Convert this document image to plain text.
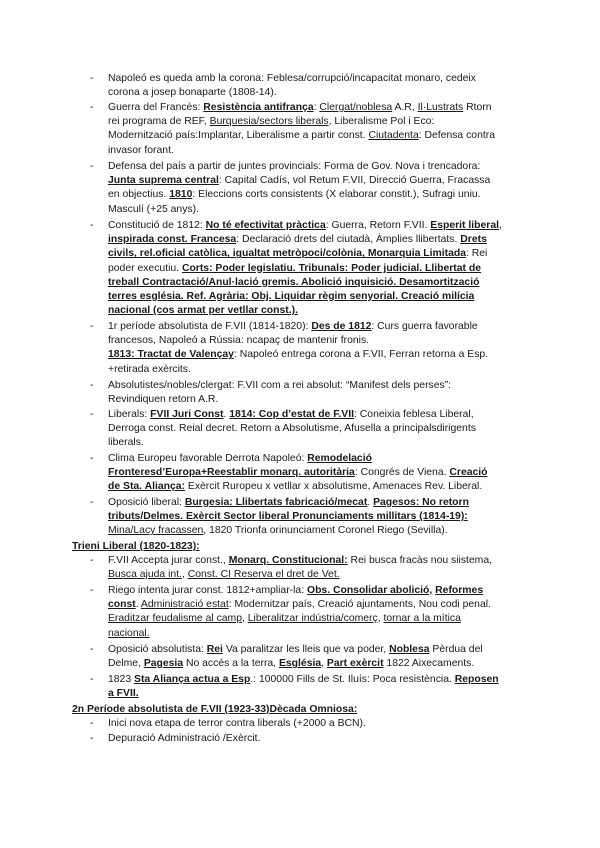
-	Napoleó es queda amb la corona: Feblesa/corrupció/incapacitat monaro, cedeix
corona a josep bonaparte (1808-14).
-	Guerra del Francès: Resistència antifrança: Clergat/noblesa A.R, Il·Lustrats Rtorn
rei programa de REF, Burquesia/sectors liberals, Liberalisme Pol i Eco:
Modernització país:Implantar, Liberalisme a partir const. Ciutadenta: Defensa contra
invasor forant.
-	Defensa del país a partir de juntes provincials: Forma de Gov. Nova i trencadora:
Junta suprema central: Capital Cadís, vol Retum F.VII, Direcció Guerra, Fracassa
en objectius. 1810: Eleccions corts consistents (X elaborar constit.), Sufragi uniu.
Masculí (+25 anys).
-	Constitució de 1812: No té efectivitat pràctica: Guerra, Retorn F.VII. Esperit liberal,
inspirada const. Francesa: Declaració drets del ciutadà, Àmplies llibertats. Drets
civils, rel.oficial catòlica, igualtat metròpoci/colònia, Monarquia Limitada: Rei
poder executiu. Corts: Poder legislatiu. Tribunals: Poder judicial. Llibertat de
treball Contractació/Anul·lació gremis. Abolició inquisició. Desamortització
terres església. Ref. Agrària: Obj. Liquidar règim senyorial. Creació milícia
nacional (cos armat per vetllar const.).
-	1r període absolutista de F.VII (1814-1820): Des de 1812: Curs guerra favorable
francesos, Napoleó a Rússia: ncapaç de mantenir fronis.
1813: Tractat de Valençay: Napoleó entrega corona a F.VII, Ferran retorna a Esp.
+retirada exèrcits.
-	Absolutistes/nobles/clergat: F.VII com a rei absolut: “Manifest dels perses”:
Revindiquen retorn A.R.
-	Liberals: FVII Juri Const. 1814: Cop d’estat de F.VII: Coneixia feblesa Liberal,
Derroga const. Reial decret. Retorn a Absolutisme, Afusella a principalsdirigents
liberals.
-	Clima Europeu favorable Derrota Napoleó: Remodelació
Fronteresd’Europa+Reestablir monarq. autoritària: Congrés de Viena. Creació
de Sta. Aliança: Exèrcit Ruropeu x vetllar x absolutisme, Amenaces Rev. Liberal.
-	Oposició liberal: Burgesia: Llibertats fabricació/mecat. Pagesos: No retorn
tributs/Delmes. Exèrcit Sector liberal Pronunciaments millitars (1814-19):
Mina/Lacy fracassen, 1820 Trionfa orinunciament Coronel Riego (Sevilla).
-	F.VII Accepta jurar const., Monarq. Constitucional: Rei busca fracàs nou siistema,
Busca ajuda int., Const. CI Reserva el dret de Vet.
-	Riego intenta jurar const. 1812+ampliar-la: Obs. Consolidar abolició, Reformes
const. Administració estat: Modernitzar país, Creació ajuntaments, Nou codi penal.
Eraditzar feudalisme al camp, Liberalitzar indústria/comerç, tornar a la mítica
nacional.
-	Oposició absolutista: Rei Va paralitzar les lleis que va poder, Noblesa Pèrdua del
Delme, Pagesia No accés a la terra, Església, Part exèrcit 1822 Aixecaments.
-	1823 Sta Aliança actua a Esp.: 100000 Fills de St. Iluís: Poca resistència. Reposen
a FVII.
-	Inici nova etapa de terror contra liberals (+2000 a BCN).
-	Depuració Administració /Exèrcit.
Trieni Liberal (1820-1823):
2n Període absolutista de F.VII (1923-33)Dècada Omniosa:
